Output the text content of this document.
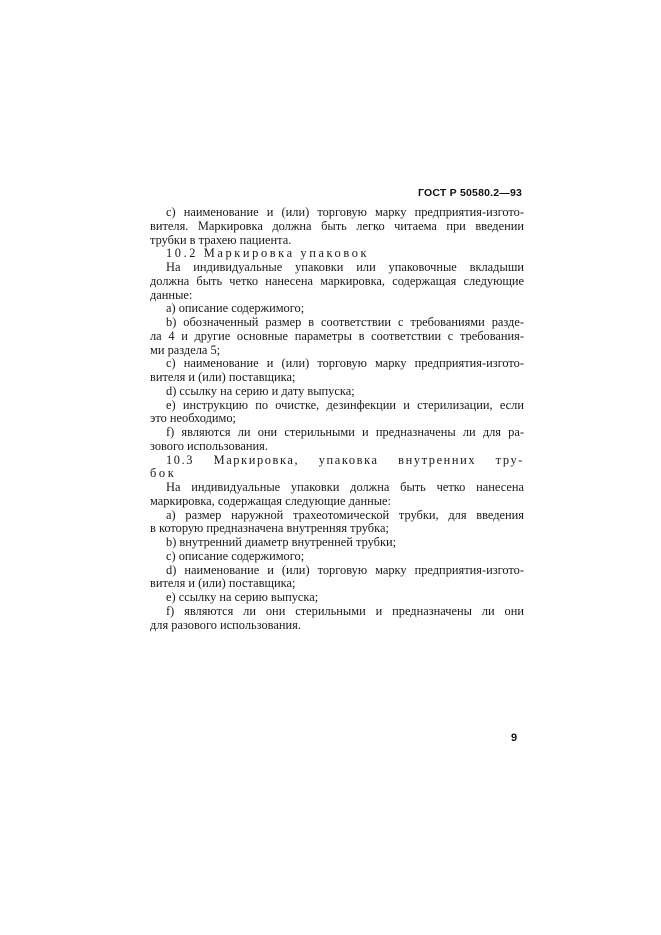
ГОСТ Р 50580.2—93
c) наименование и (или) торговую марку предприятия-изгото-
вителя. Маркировка должна быть легко читаема при введении
трубки в трахею пациента.
10.2 Маркировка упаковок
На индивидуальные упаковки или упаковочные вкладыши
должна быть четко нанесена маркировка, содержащая следующие
данные:
а) описание содержимого;
b) обозначенный размер в соответствии с требованиями разде-
ла 4 и другие основные параметры в соответствии с требования-
ми раздела 5;
c) наименование и (или) торговую марку предприятия-изгото-
вителя и (или) поставщика;
d) ссылку на серию и дату выпуска;
e) инструкцию по очистке, дезинфекции и стерилизации, если
это необходимо;
f) являются ли они стерильными и предназначены ли для ра-
зового использования.
10.3 Маркировка, упаковка внутренних тру-
бок
На индивидуальные упаковки должна быть четко нанесена
маркировка, содержащая следующие данные:
а) размер наружной трахеотомической трубки, для введения
в которую предназначена внутренняя трубка;
b) внутренний диаметр внутренней трубки;
c) описание содержимого;
d) наименование и (или) торговую марку предприятия-изгото-
вителя и (или) поставщика;
e) ссылку на серию выпуска;
f) являются ли они стерильными и предназначены ли они
для разового использования.
9
